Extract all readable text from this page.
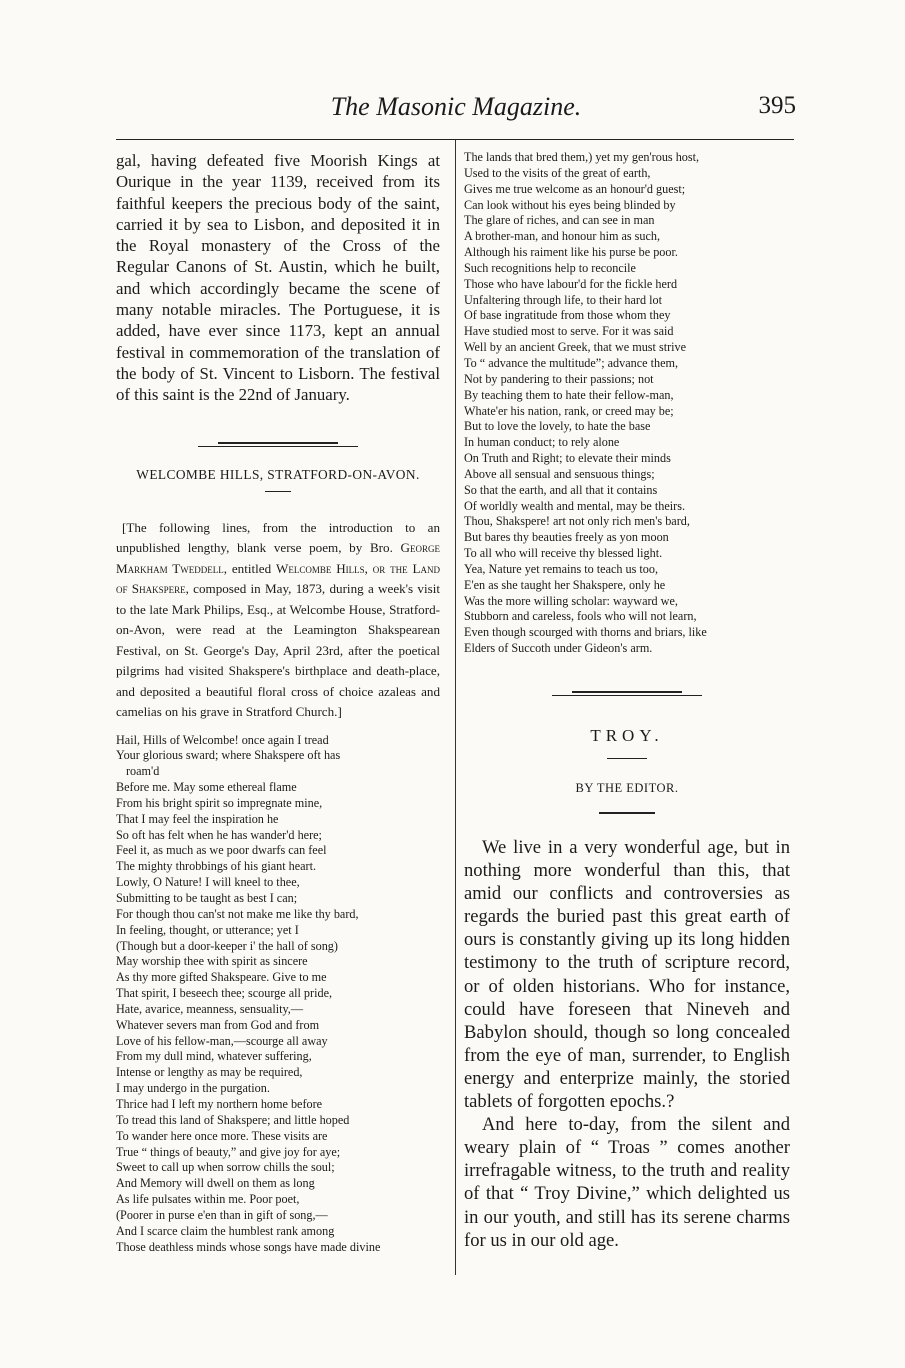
The Masonic Magazine.	395

gal, having defeated five Moorish Kings at Ourique in the year 1139, received from its faithful keepers the precious body of the saint, carried it by sea to Lisbon, and deposited it in the Royal monastery of the Cross of the Regular Canons of St. Austin, which he built, and which accordingly became the scene of many notable miracles. The Portuguese, it is added, have ever since 1173, kept an annual festival in commemoration of the translation of the body of St. Vincent to Lisborn. The festival of this saint is the 22nd of January.

WELCOMBE HILLS, STRATFORD-ON-AVON.

[The following lines, from the introduction to an unpublished lengthy, blank verse poem, by Bro. George Markham Tweddell, entitled Welcombe Hills, or the Land of Shakspere, composed in May, 1873, during a week's visit to the late Mark Philips, Esq., at Welcombe House, Stratford-on-Avon, were read at the Leamington Shakspearean Festival, on St. George's Day, April 23rd, after the poetical pilgrims had visited Shakspere's birthplace and death-place, and deposited a beautiful floral cross of choice azaleas and camelias on his grave in Stratford Church.]

Hail, Hills of Welcombe! once again I tread
Your glorious sward; where Shakspere oft has
roam'd
Before me. May some ethereal flame
From his bright spirit so impregnate mine,
That I may feel the inspiration he
So oft has felt when he has wander'd here;
Feel it, as much as we poor dwarfs can feel
The mighty throbbings of his giant heart.
Lowly, O Nature! I will kneel to thee,
Submitting to be taught as best I can;
For though thou can'st not make me like thy bard,
In feeling, thought, or utterance; yet I
(Though but a door-keeper i' the hall of song)
May worship thee with spirit as sincere
As thy more gifted Shakspeare. Give to me
That spirit, I beseech thee; scourge all pride,
Hate, avarice, meanness, sensuality,—
Whatever severs man from God and from
Love of his fellow-man,—scourge all away
From my dull mind, whatever suffering,
Intense or lengthy as may be required,
I may undergo in the purgation.
Thrice had I left my northern home before
To tread this land of Shakspere; and little hoped
To wander here once more. These visits are
True “ things of beauty,” and give joy for aye;
Sweet to call up when sorrow chills the soul;
And Memory will dwell on them as long
As life pulsates within me. Poor poet,
(Poorer in purse e'en than in gift of song,—
And I scarce claim the humblest rank among
Those deathless minds whose songs have made divine
The lands that bred them,) yet my gen'rous host,
Used to the visits of the great of earth,
Gives me true welcome as an honour'd guest;
Can look without his eyes being blinded by
The glare of riches, and can see in man
A brother-man, and honour him as such,
Although his raiment like his purse be poor.
Such recognitions help to reconcile
Those who have labour'd for the fickle herd
Unfaltering through life, to their hard lot
Of base ingratitude from those whom they
Have studied most to serve. For it was said
Well by an ancient Greek, that we must strive
To “ advance the multitude”; advance them,
Not by pandering to their passions; not
By teaching them to hate their fellow-man,
Whate'er his nation, rank, or creed may be;
But to love the lovely, to hate the base
In human conduct; to rely alone
On Truth and Right; to elevate their minds
Above all sensual and sensuous things;
So that the earth, and all that it contains
Of worldly wealth and mental, may be theirs.
Thou, Shakspere! art not only rich men's bard,
But bares thy beauties freely as yon moon
To all who will receive thy blessed light.
Yea, Nature yet remains to teach us too,
E'en as she taught her Shakspere, only he
Was the more willing scholar: wayward we,
Stubborn and careless, fools who will not learn,
Even though scourged with thorns and briars, like
Elders of Succoth under Gideon's arm.

TROY.

BY THE EDITOR.

We live in a very wonderful age, but in nothing more wonderful than this, that amid our conflicts and controversies as regards the buried past this great earth of ours is constantly giving up its long hidden testimony to the truth of scripture record, or of olden historians. Who for instance, could have foreseen that Nineveh and Babylon should, though so long concealed from the eye of man, surrender, to English energy and enterprize mainly, the storied tablets of forgotten epochs.?

And here to-day, from the silent and weary plain of “ Troas ” comes another irrefragable witness, to the truth and reality of that “ Troy Divine,” which delighted us in our youth, and still has its serene charms for us in our old age.
